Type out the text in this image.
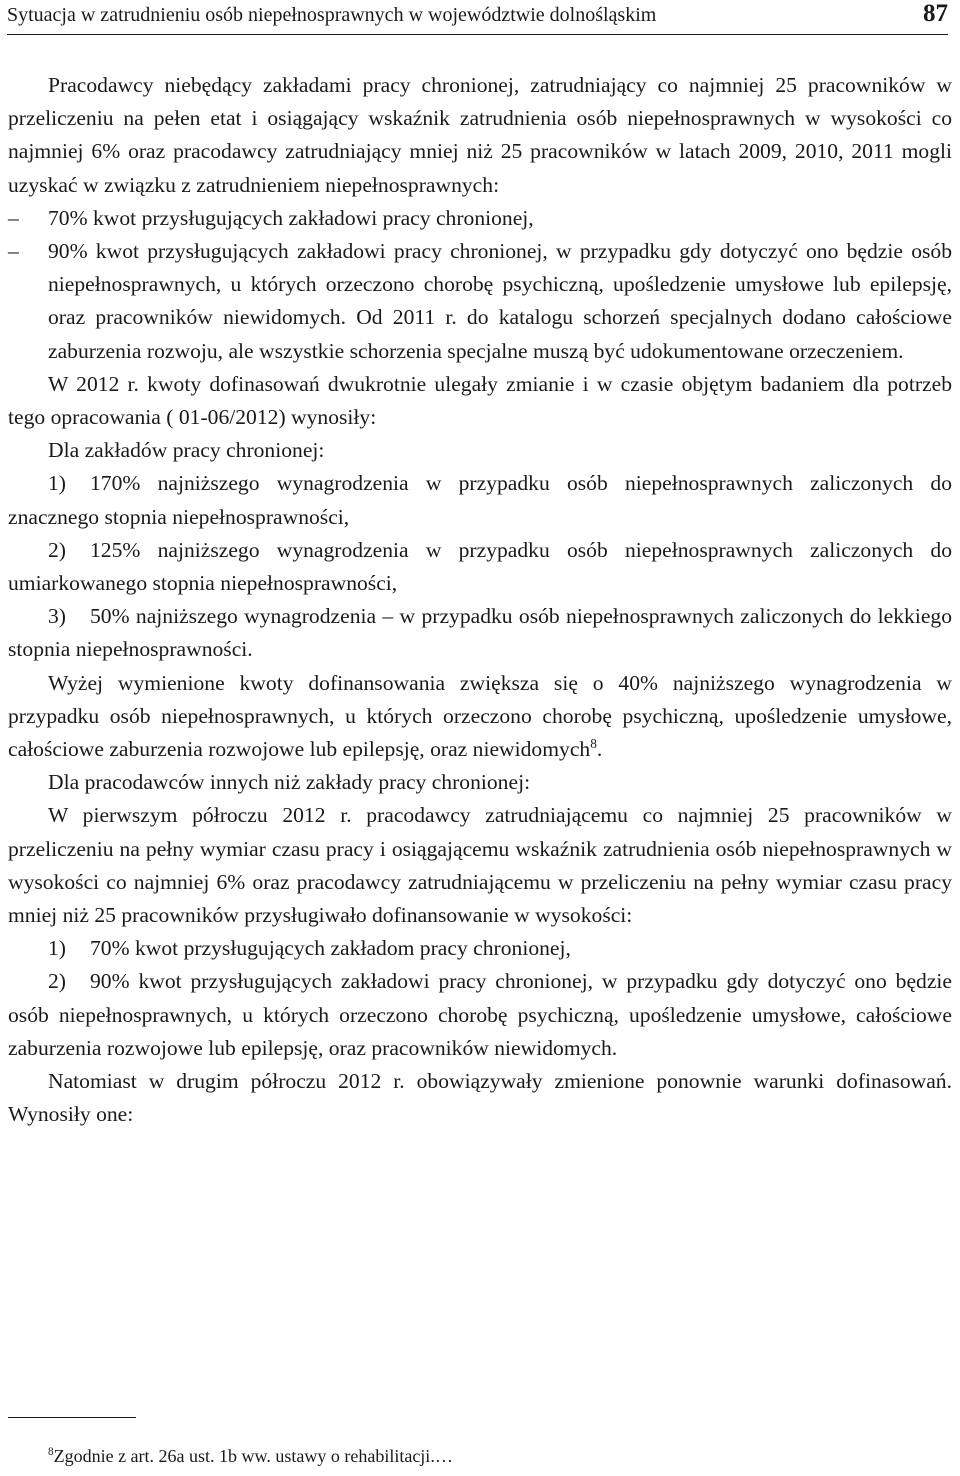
Sytuacja w zatrudnieniu osób niepełnosprawnych w województwie dolnośląskim	87

Pracodawcy niebędący zakładami pracy chronionej, zatrudniający co najmniej 25 pracowników w przeliczeniu na pełen etat i osiągający wskaźnik zatrudnienia osób niepełnosprawnych w wysokości co najmniej 6% oraz pracodawcy zatrudniający mniej niż 25 pracowników w latach 2009, 2010, 2011 mogli uzyskać w związku z zatrudnieniem niepełnosprawnych:

–	70% kwot przysługujących zakładowi pracy chronionej,
–	90% kwot przysługujących zakładowi pracy chronionej, w przypadku gdy dotyczyć ono będzie osób niepełnosprawnych, u których orzeczono chorobę psychiczną, upośledzenie umysłowe lub epilepsję, oraz pracowników niewidomych. Od 2011 r. do katalogu schorzeń specjalnych dodano całościowe zaburzenia rozwoju, ale wszystkie schorzenia specjalne muszą być udokumentowane orzeczeniem.

W 2012 r. kwoty dofinasowań dwukrotnie ulegały zmianie i w czasie objętym badaniem dla potrzeb tego opracowania ( 01-06/2012) wynosiły:

Dla zakładów pracy chronionej:

1) 170% najniższego wynagrodzenia w przypadku osób niepełnosprawnych zaliczonych do znacznego stopnia niepełnosprawności,

2) 125% najniższego wynagrodzenia w przypadku osób niepełnosprawnych zaliczonych do umiarkowanego stopnia niepełnosprawności,

3) 50% najniższego wynagrodzenia – w przypadku osób niepełnosprawnych zaliczonych do lekkiego stopnia niepełnosprawności.

Wyżej wymienione kwoty dofinansowania zwiększa się o 40% najniższego wynagrodzenia w przypadku osób niepełnosprawnych, u których orzeczono chorobę psychiczną, upośledzenie umysłowe, całościowe zaburzenia rozwojowe lub epilepsję, oraz niewidomych$^8$.

Dla pracodawców innych niż zakłady pracy chronionej:

W pierwszym półroczu 2012 r. pracodawcy zatrudniającemu co najmniej 25 pracowników w przeliczeniu na pełny wymiar czasu pracy i osiągającemu wskaźnik zatrudnienia osób niepełnosprawnych w wysokości co najmniej 6% oraz pracodawcy zatrudniającemu w przeliczeniu na pełny wymiar czasu pracy mniej niż 25 pracowników przysługiwało dofinansowanie w wysokości:

1) 70% kwot przysługujących zakładom pracy chronionej,

2) 90% kwot przysługujących zakładowi pracy chronionej, w przypadku gdy dotyczyć ono będzie osób niepełnosprawnych, u których orzeczono chorobę psychiczną, upośledzenie umysłowe, całościowe zaburzenia rozwojowe lub epilepsję, oraz pracowników niewidomych.

Natomiast w drugim półroczu 2012 r. obowiązywały zmienione ponownie warunki dofinasowań. Wynosiły one:

$^8$Zgodnie z art. 26a ust. 1b ww. ustawy o rehabilitacji.…
